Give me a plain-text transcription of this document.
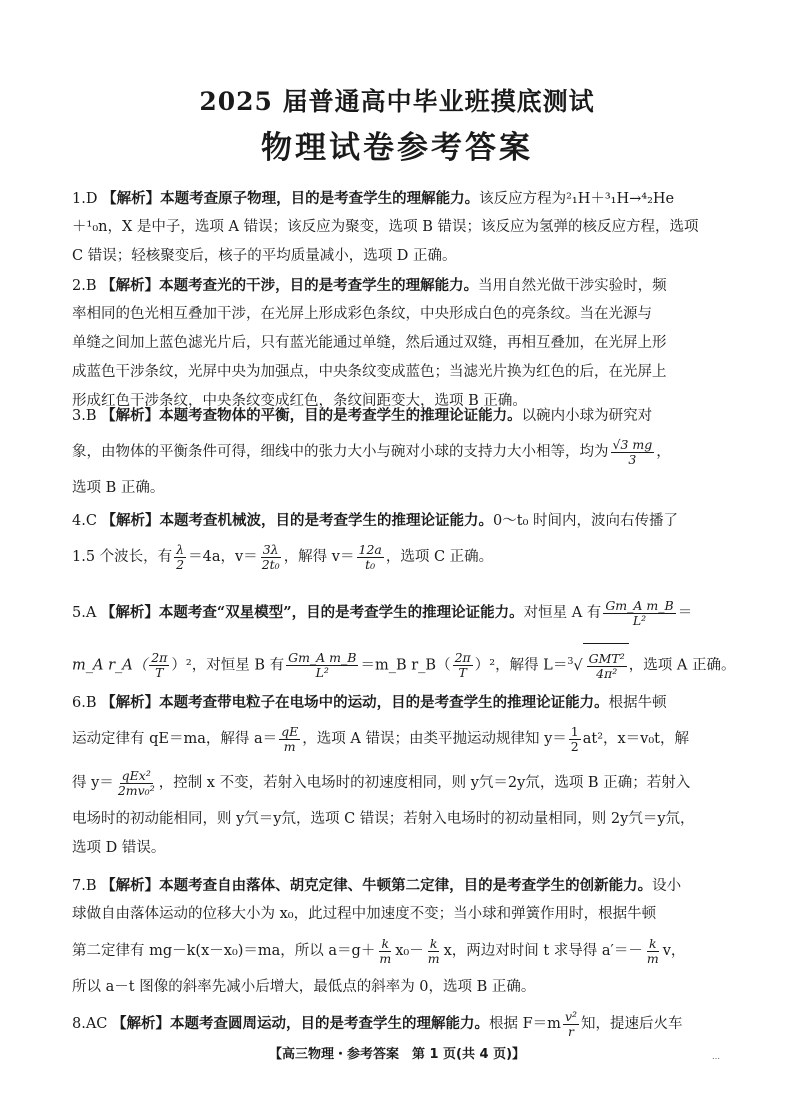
2025 届普通高中毕业班摸底测试
物理试卷参考答案
1.D 【解析】本题考查原子物理，目的是考查学生的理解能力。该反应方程为²₁H＋³₁H→⁴₂He
＋¹₀n，X 是中子，选项 A 错误；该反应为聚变，选项 B 错误；该反应为氢弹的核反应方程，选项
C 错误；轻核聚变后，核子的平均质量减小，选项 D 正确。
2.B 【解析】本题考查光的干涉，目的是考查学生的理解能力。当用自然光做干涉实验时，频
率相同的色光相互叠加干涉，在光屏上形成彩色条纹，中央形成白色的亮条纹。当在光源与
单缝之间加上蓝色滤光片后，只有蓝光能通过单缝，然后通过双缝，再相互叠加，在光屏上形
成蓝色干涉条纹，光屏中央为加强点，中央条纹变成蓝色；当滤光片换为红色的后，在光屏上
形成红色干涉条纹，中央条纹变成红色，条纹间距变大，选项 B 正确。
3.B 【解析】本题考查物体的平衡，目的是考查学生的推理论证能力。以碗内小球为研究对
象，由物体的平衡条件可得，细线中的张力大小与碗对小球的支持力大小相等，均为 $\frac{√3 mg}{3}$ ，
选项 B 正确。
4.C 【解析】本题考查机械波，目的是考查学生的推理论证能力。0～t₀ 时间内，波向右传播了
1.5 个波长，有 $\frac{\lambda}{2} =4a$，$v= \frac{3\lambda}{\text{2t₀}}$ ，解得 $v= \frac{12a}{\text{t₀}}$ ，选项 C 正确。
5.A 【解析】本题考查“双星模型”，目的是考查学生的推理论证能力。对恒星 A 有 $\frac{\text{Gm\_A m\_B}}{\text{L²}}$ ＝
m_A r_A（ $\frac{2\pi}{T} )^2$，对恒星 B 有 $\frac{\text{Gm\_A m\_B}}{\text{L²}}$ ＝m_B r_B（ $\frac{2\pi}{T} )^2$，解得 $L=^3√ \frac{\text{GMT²}}{\text{4π²}}$ ，选项 A 正确。
6.B 【解析】本题考查带电粒子在电场中的运动，目的是考查学生的推理论证能力。根据牛顿
运动定律有 qE＝ma，解得 $a= \frac{qE}{m}$ ，选项 A 错误；由类平抛运动规律知 $y= \frac{1}{2} at^2$，x＝v₀t，解
得 $y= \frac{\text{qEx²}}{\text{2mv₀²}}$ ，控制 x 不变，若射入电场时的初速度相同，则 y氕＝2y氘，选项 B 正确；若射入
电场时的初动能相同，则 y氕＝y氘，选项 C 错误；若射入电场时的初动量相同，则 2y氕＝y氘，
选项 D 错误。
7.B 【解析】本题考查自由落体、胡克定律、牛顿第二定律，目的是考查学生的创新能力。设小
球做自由落体运动的位移大小为 x₀，此过程中加速度不变；当小球和弹簧作用时，根据牛顿
第二定律有 mg－k(x－x₀)＝ma，所以 $a=g+ \frac{k}{m} x_0- \frac{k}{m}$ x，两边对时间 t 求导得 $a'=- \frac{k}{m}$ v，
所以 a－t 图像的斜率先减小后增大，最低点的斜率为 0，选项 B 正确。
8.AC 【解析】本题考查圆周运动，目的是考查学生的理解能力。根据 $F=m \frac{\text{v²}}{r}$ 知，提速后火车
【高三物理・参考答案　第 1 页(共 4 页)】	…
